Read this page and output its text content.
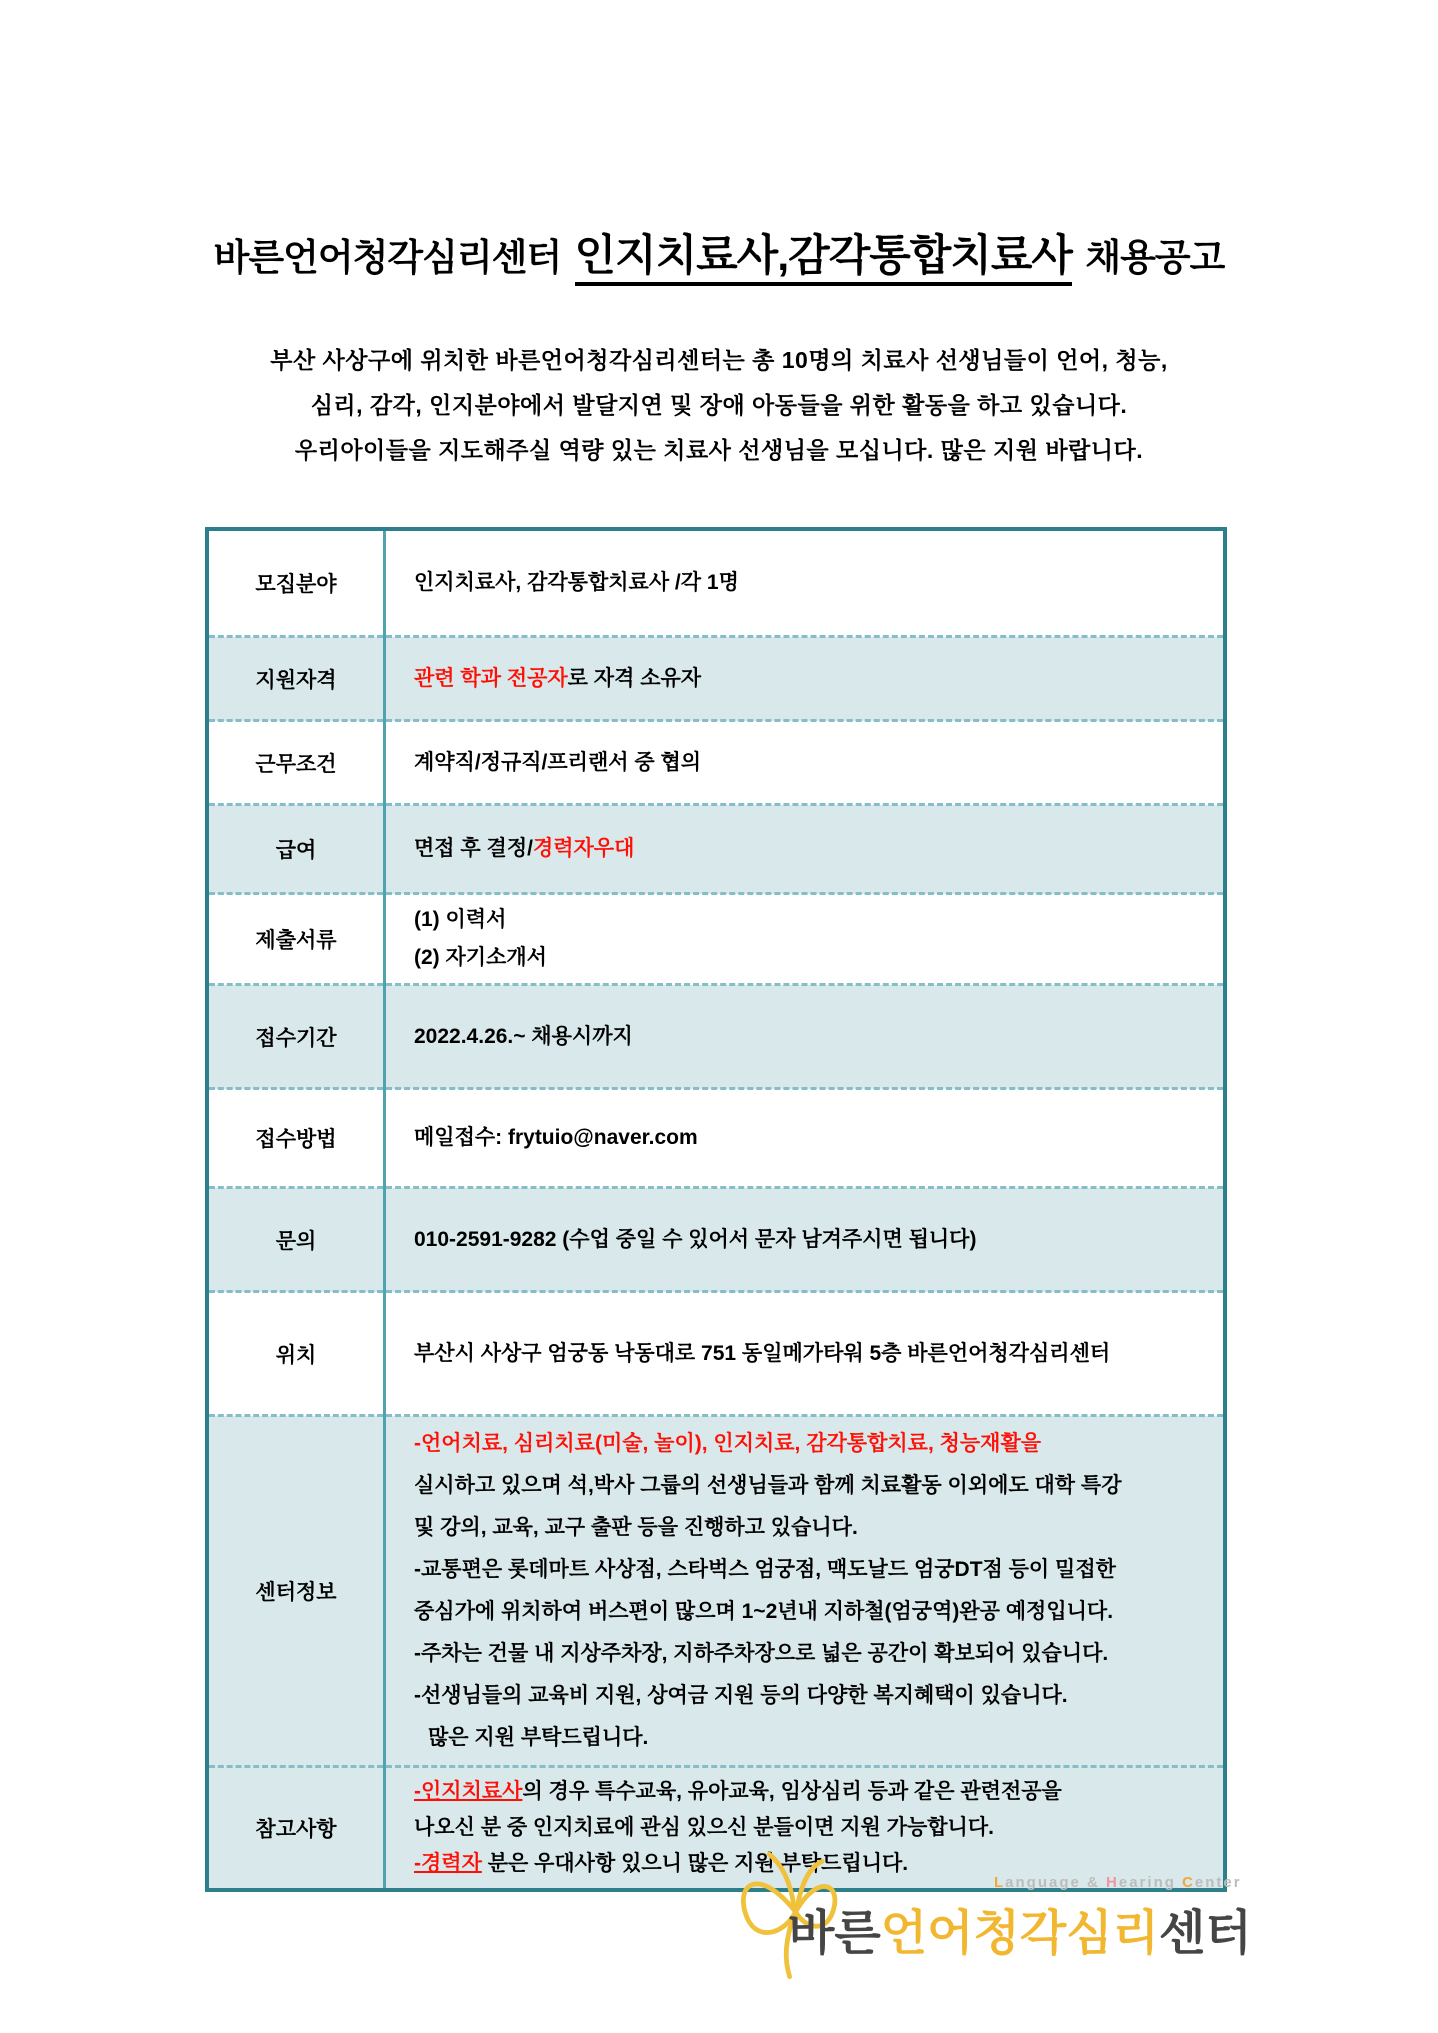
바른언어청각심리센터 인지치료사,감각통합치료사 채용공고
부산 사상구에 위치한 바른언어청각심리센터는 총 10명의 치료사 선생님들이 언어, 청능,
심리, 감각, 인지분야에서 발달지연 및 장애 아동들을 위한 활동을 하고 있습니다.
우리아이들을 지도해주실 역량 있는 치료사 선생님을 모십니다. 많은 지원 바랍니다.
모집분야	인지치료사, 감각통합치료사 /각 1명

지원자격	관련 학과 전공자로 자격 소유자

근무조건	계약직/정규직/프리랜서 중 협의

급여	면접 후 결정/경력자우대

제출서류	(1) 이력서
(2) 자기소개서

접수기간	2022.4.26.~ 채용시까지

접수방법	메일접수: frytuio@naver.com

문의	010-2591-9282 (수업 중일 수 있어서 문자 남겨주시면 됩니다)

위치	부산시 사상구 엄궁동 낙동대로 751 동일메가타워 5층 바른언어청각심리센터

센터정보	
-언어치료, 심리치료(미술, 놀이), 인지치료, 감각통합치료, 청능재활을
실시하고 있으며 석,박사 그룹의 선생님들과 함께 치료활동 이외에도 대학 특강
및 강의, 교육, 교구 출판 등을 진행하고 있습니다.
-교통편은 롯데마트 사상점, 스타벅스 엄궁점, 맥도날드 엄궁DT점 등이 밀접한
중심가에 위치하여 버스편이 많으며 1~2년내 지하철(엄궁역)완공 예정입니다.
-주차는 건물 내 지상주차장, 지하주차장으로 넓은 공간이 확보되어 있습니다.
-선생님들의 교육비 지원, 상여금 지원 등의 다양한 복지혜택이 있습니다.
많은 지원 부탁드립니다.

참고사항	-인지치료사의 경우 특수교육, 유아교육, 임상심리 등과 같은 관련전공을
나오신 분 중 인지치료에 관심 있으신 분들이면 지원 가능합니다.
-경력자 분은 우대사항 있으니 많은 지원 부탁드립니다.
Language & Hearing Center
바른언어청각심리센터
